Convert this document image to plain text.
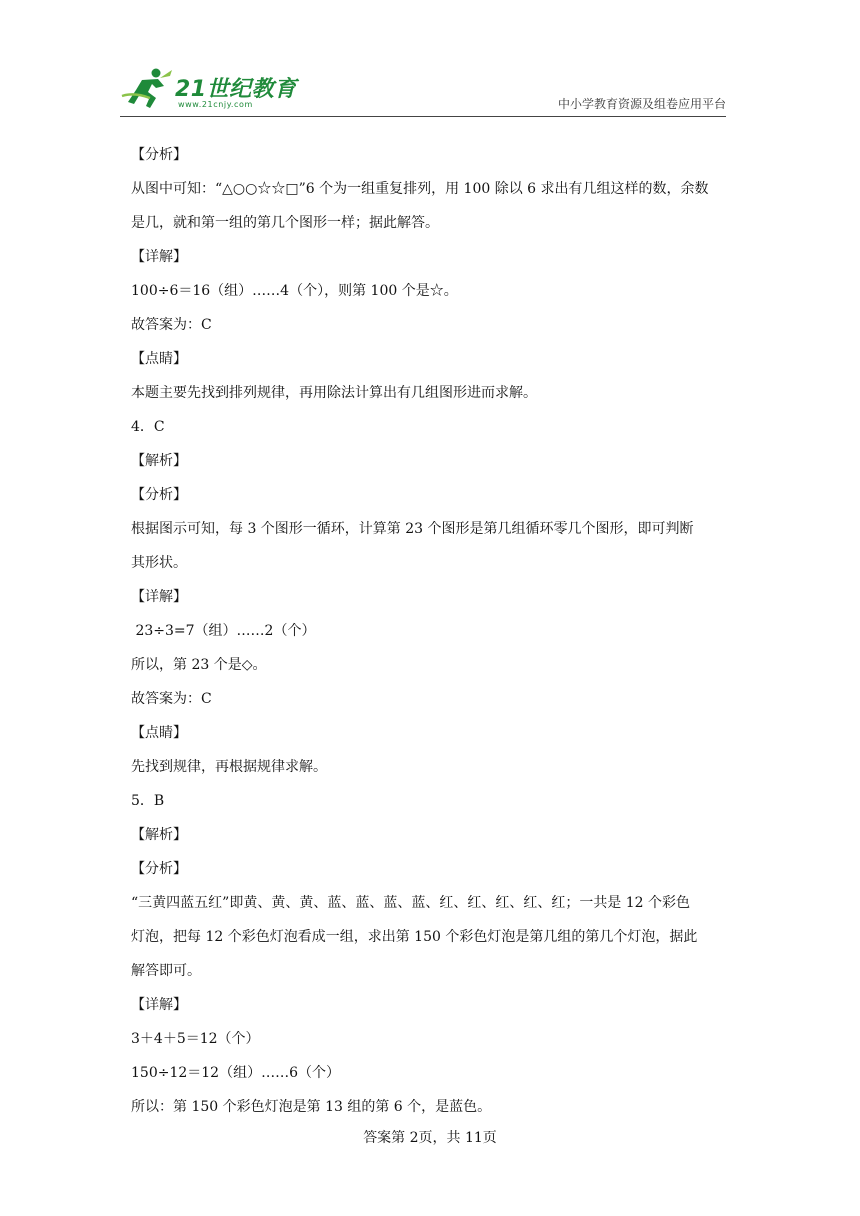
21世纪教育
www.21cnjy.com	中小学教育资源及组卷应用平台
【分析】
从图中可知：“△○○☆☆□”6 个为一组重复排列，用 100 除以 6 求出有几组这样的数，余数
是几，就和第一组的第几个图形一样；据此解答。
【详解】
100÷6＝16（组）……4（个），则第 100 个是☆。
故答案为：C
【点睛】
本题主要先找到排列规律，再用除法计算出有几组图形进而求解。
4．C
【解析】
【分析】
根据图示可知，每 3 个图形一循环，计算第 23 个图形是第几组循环零几个图形，即可判断
其形状。
【详解】
23÷3=7（组）……2（个）
所以，第 23 个是◇。
故答案为：C
【点睛】
先找到规律，再根据规律求解。
5．B
【解析】
【分析】
“三黄四蓝五红”即黄、黄、黄、蓝、蓝、蓝、蓝、红、红、红、红、红；一共是 12 个彩色
灯泡，把每 12 个彩色灯泡看成一组，求出第 150 个彩色灯泡是第几组的第几个灯泡，据此
解答即可。
【详解】
3＋4＋5＝12（个）
150÷12＝12（组）……6（个）
所以：第 150 个彩色灯泡是第 13 组的第 6 个，是蓝色。
答案第 2页，共 11页
